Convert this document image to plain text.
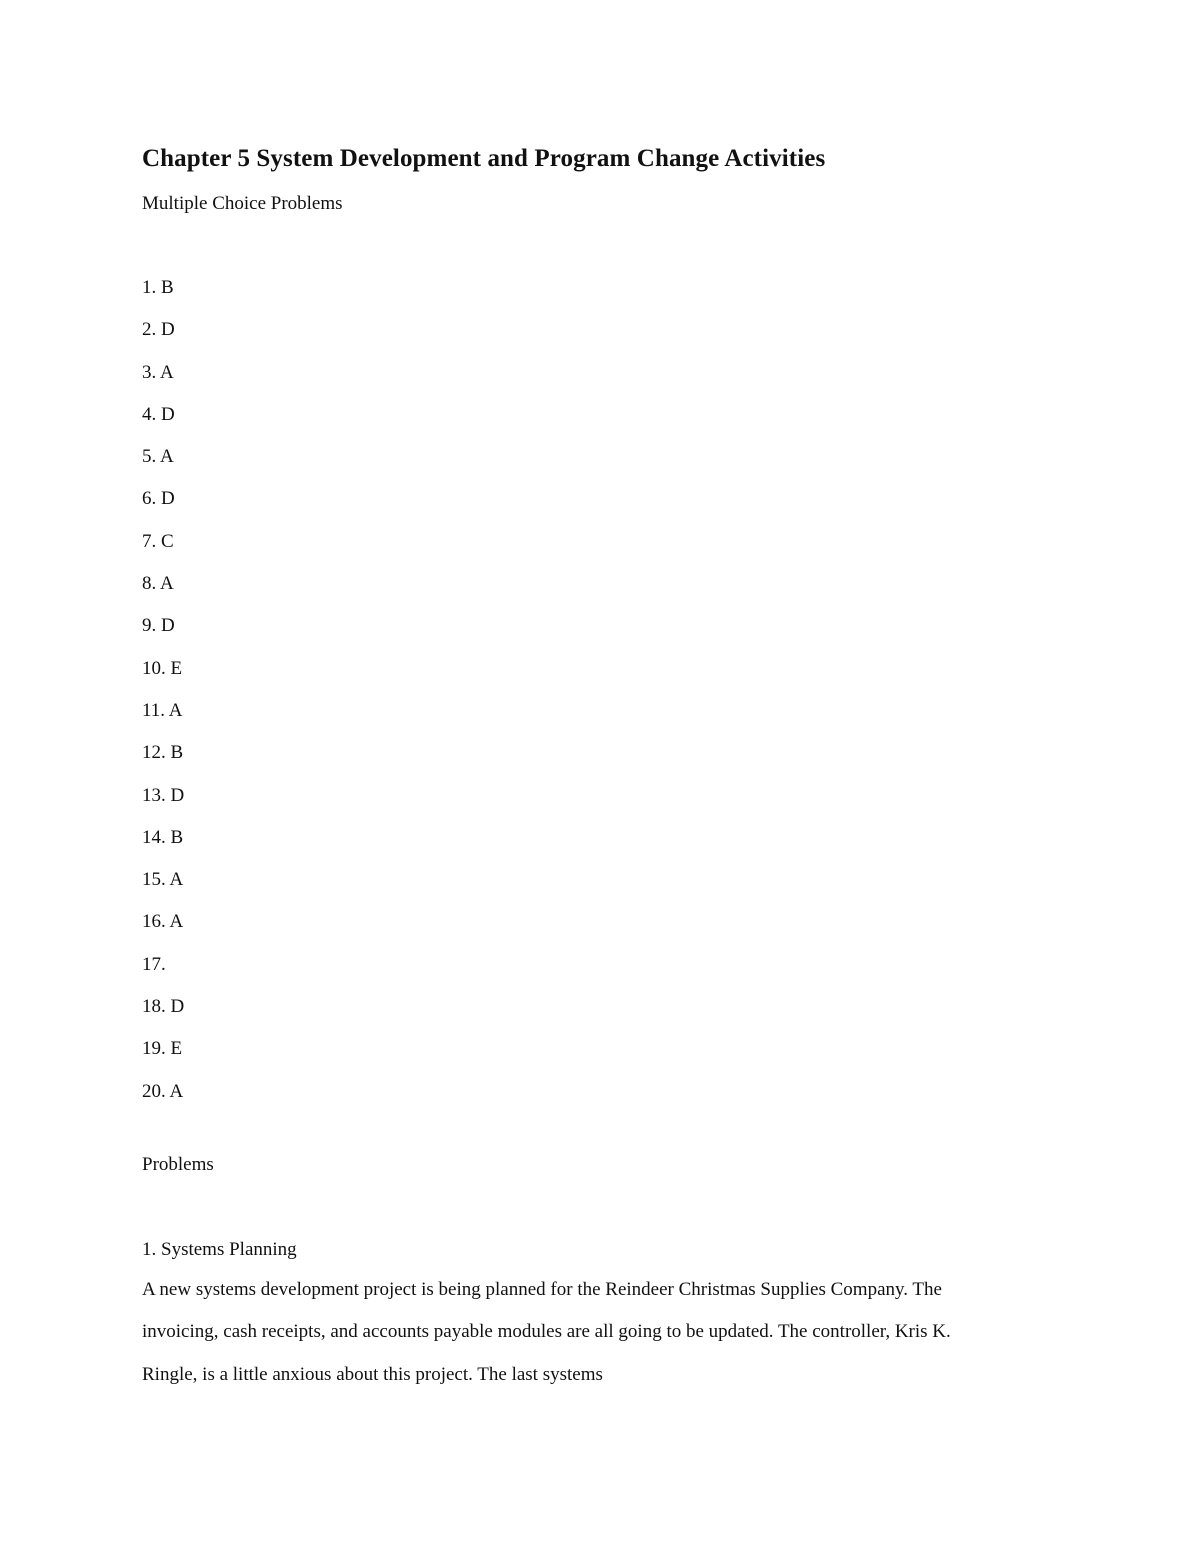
Chapter 5 System Development and Program Change Activities

Multiple Choice Problems

1. B
2. D
3. A
4. D
5. A
6. D
7. C
8. A
9. D
10. E
11. A
12. B
13. D
14. B
15. A
16. A
17.
18. D
19. E
20. A

Problems

1. Systems Planning

A new systems development project is being planned for the Reindeer Christmas Supplies Company. The invoicing, cash receipts, and accounts payable modules are all going to be updated. The controller, Kris K. Ringle, is a little anxious about this project. The last systems
